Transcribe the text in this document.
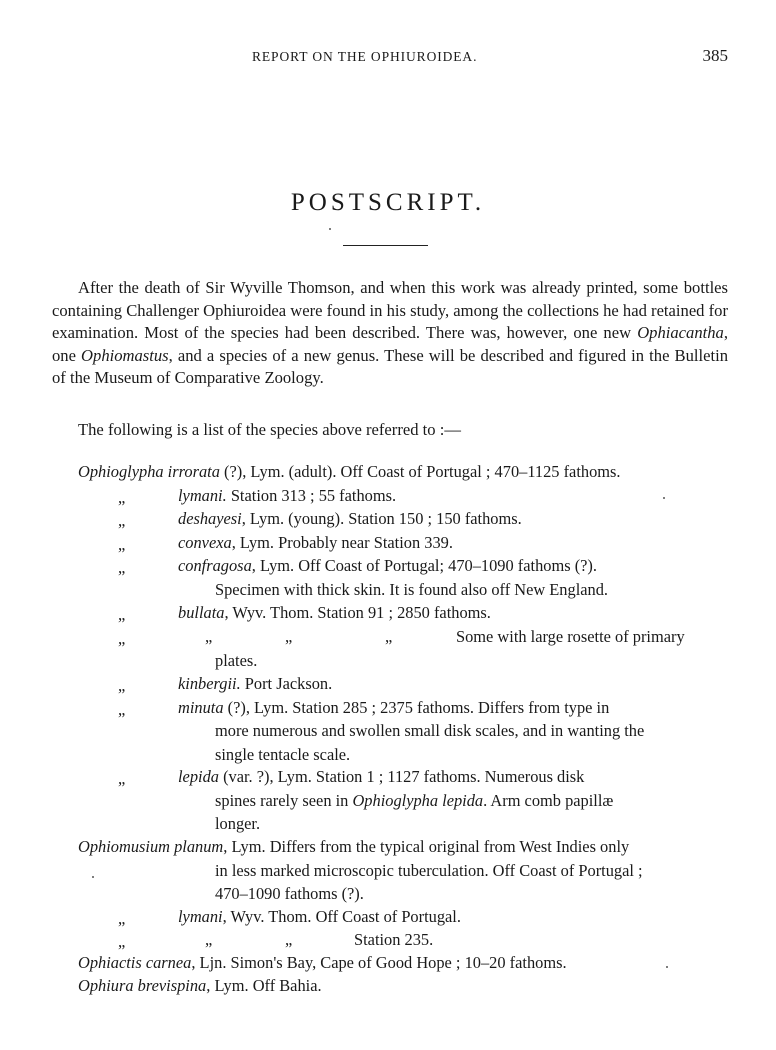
REPORT ON THE OPHIUROIDEA.	385
POSTSCRIPT.

After the death of Sir Wyville Thomson, and when this work was already printed, some bottles containing Challenger Ophiuroidea were found in his study, among the collections he had retained for examination. Most of the species had been described. There was, however, one new Ophiacantha, one Ophiomastus, and a species of a new genus. These will be described and figured in the Bulletin of the Museum of Comparative Zoology.

The following is a list of the species above referred to :—
Ophioglypha irrorata (?), Lym. (adult). Off Coast of Portugal ; 470–1125 fathoms.
„	lymani. Station 313 ; 55 fathoms.
„	deshayesi, Lym. (young). Station 150 ; 150 fathoms.
„	convexa, Lym. Probably near Station 339.
„	confragosa, Lym. Off Coast of Portugal; 470–1090 fathoms (?).
Specimen with thick skin. It is found also off New England.
„	bullata, Wyv. Thom. Station 91 ; 2850 fathoms.
„	„	„	„	Some with large rosette of primary
plates.
„	kinbergii. Port Jackson.
„	minuta (?), Lym. Station 285 ; 2375 fathoms. Differs from type in
more numerous and swollen small disk scales, and in wanting the
single tentacle scale.
„	lepida (var. ?), Lym. Station 1 ; 1127 fathoms. Numerous disk
spines rarely seen in Ophioglypha lepida. Arm comb papillæ
longer.
Ophiomusium planum, Lym. Differs from the typical original from West Indies only
in less marked microscopic tuberculation. Off Coast of Portugal ;
470–1090 fathoms (?).
„	lymani, Wyv. Thom. Off Coast of Portugal.
„	„	„	Station 235.
Ophiactis carnea, Ljn. Simon's Bay, Cape of Good Hope ; 10–20 fathoms.
Ophiura brevispina, Lym. Off Bahia.
